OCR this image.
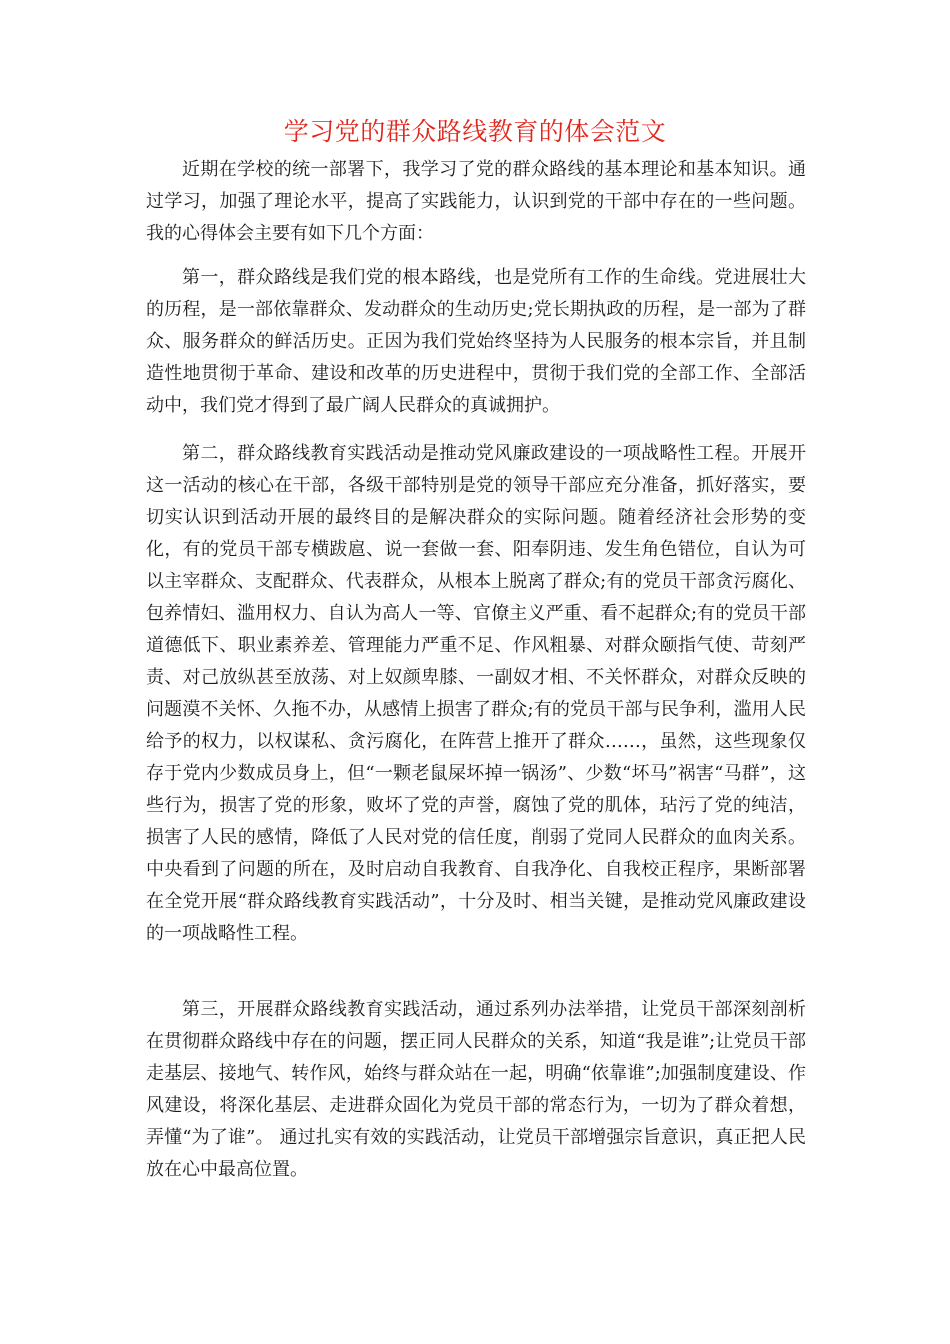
学习党的群众路线教育的体会范文

近期在学校的统一部署下，我学习了党的群众路线的基本理论和基本知识。通过学习，加强了理论水平，提高了实践能力，认识到党的干部中存在的一些问题。我的心得体会主要有如下几个方面：

第一，群众路线是我们党的根本路线，也是党所有工作的生命线。党进展壮大的历程，是一部依靠群众、发动群众的生动历史;党长期执政的历程，是一部为了群众、服务群众的鲜活历史。正因为我们党始终坚持为人民服务的根本宗旨，并且制造性地贯彻于革命、建设和改革的历史进程中，贯彻于我们党的全部工作、全部活动中，我们党才得到了最广阔人民群众的真诚拥护。

第二，群众路线教育实践活动是推动党风廉政建设的一项战略性工程。开展开这一活动的核心在干部，各级干部特别是党的领导干部应充分准备，抓好落实，要切实认识到活动开展的最终目的是解决群众的实际问题。随着经济社会形势的变化，有的党员干部专横跋扈、说一套做一套、阳奉阴违、发生角色错位，自认为可以主宰群众、支配群众、代表群众，从根本上脱离了群众;有的党员干部贪污腐化、包养情妇、滥用权力、自认为高人一等、官僚主义严重、看不起群众;有的党员干部道德低下、职业素养差、管理能力严重不足、作风粗暴、对群众颐指气使、苛刻严责、对己放纵甚至放荡、对上奴颜卑膝、一副奴才相、不关怀群众，对群众反映的问题漠不关怀、久拖不办，从感情上损害了群众;有的党员干部与民争利，滥用人民给予的权力，以权谋私、贪污腐化，在阵营上推开了群众……，虽然，这些现象仅存于党内少数成员身上，但“一颗老鼠屎坏掉一锅汤”、少数“坏马”祸害“马群”，这些行为，损害了党的形象，败坏了党的声誉，腐蚀了党的肌体，玷污了党的纯洁，损害了人民的感情，降低了人民对党的信任度，削弱了党同人民群众的血肉关系。中央看到了问题的所在，及时启动自我教育、自我净化、自我校正程序，果断部署在全党开展“群众路线教育实践活动”，十分及时、相当关键，是推动党风廉政建设的一项战略性工程。

第三，开展群众路线教育实践活动，通过系列办法举措，让党员干部深刻剖析在贯彻群众路线中存在的问题，摆正同人民群众的关系，知道“我是谁”;让党员干部走基层、接地气、转作风，始终与群众站在一起，明确“依靠谁”;加强制度建设、作风建设，将深化基层、走进群众固化为党员干部的常态行为，一切为了群众着想，弄懂“为了谁”。 通过扎实有效的实践活动，让党员干部增强宗旨意识，真正把人民放在心中最高位置。
